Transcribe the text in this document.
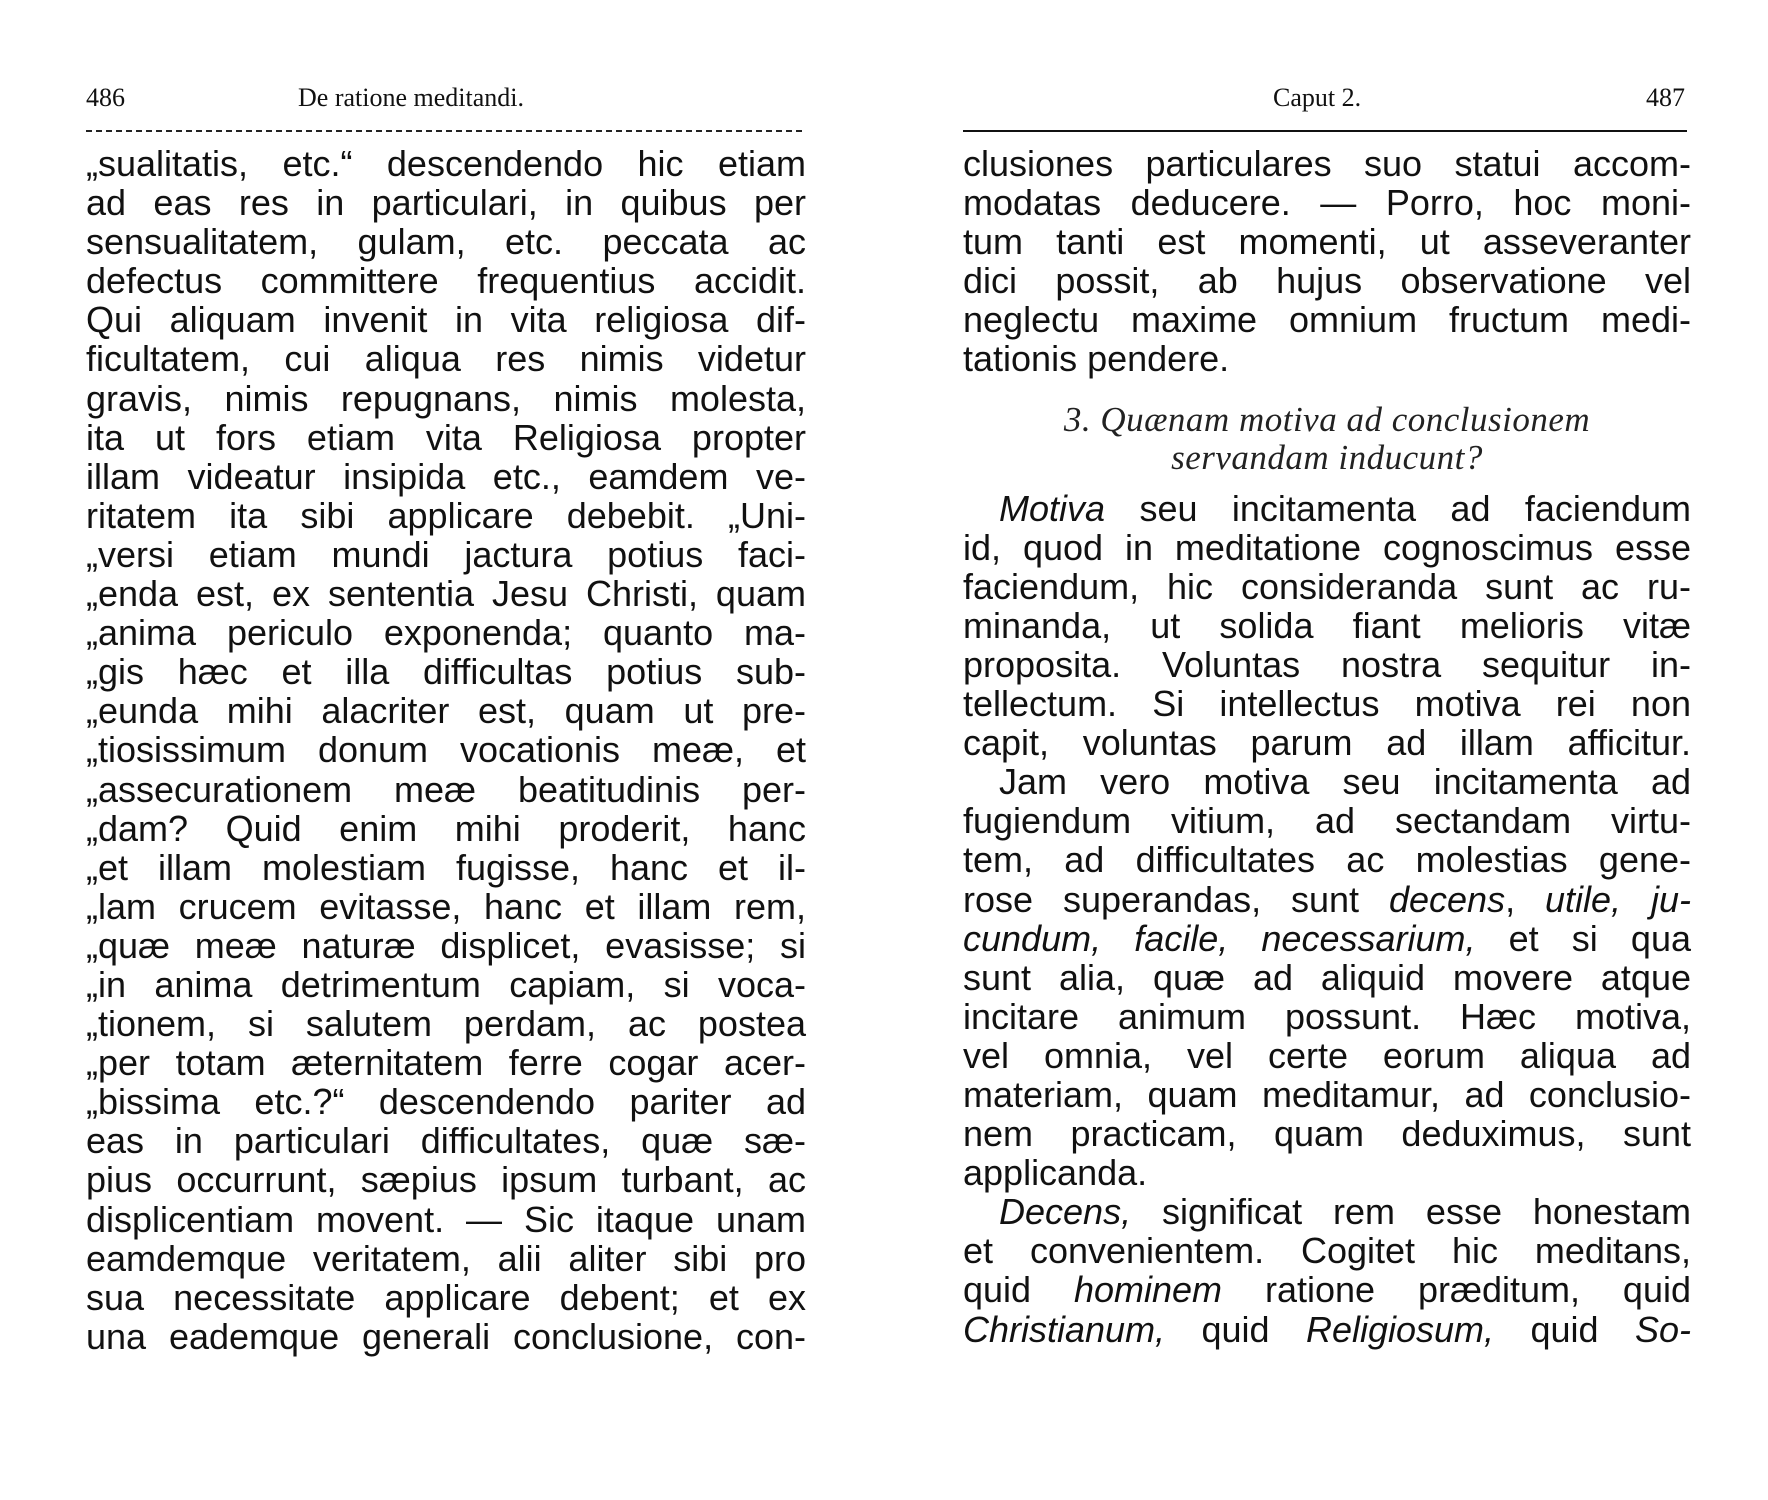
486	De ratione meditandi.
„sualitatis, etc.“ descendendo hic etiam
ad eas res in particulari, in quibus per
sensualitatem, gulam, etc. peccata ac
defectus committere frequentius accidit.
Qui aliquam invenit in vita religiosa dif-
ficultatem, cui aliqua res nimis videtur
gravis, nimis repugnans, nimis molesta,
ita ut fors etiam vita Religiosa propter
illam videatur insipida etc., eamdem ve-
ritatem ita sibi applicare debebit. „Uni-
„versi etiam mundi jactura potius faci-
„enda est, ex sententia Jesu Christi, quam
„anima periculo exponenda; quanto ma-
„gis hæc et illa difficultas potius sub-
„eunda mihi alacriter est, quam ut pre-
„tiosissimum donum vocationis meæ, et
„assecurationem meæ beatitudinis per-
„dam? Quid enim mihi proderit, hanc
„et illam molestiam fugisse, hanc et il-
„lam crucem evitasse, hanc et illam rem,
„quæ meæ naturæ displicet, evasisse; si
„in anima detrimentum capiam, si voca-
„tionem, si salutem perdam, ac postea
„per totam æternitatem ferre cogar acer-
„bissima etc.?“ descendendo pariter ad
eas in particulari difficultates, quæ sæ-
pius occurrunt, sæpius ipsum turbant, ac
displicentiam movent. — Sic itaque unam
eamdemque veritatem, alii aliter sibi pro
sua necessitate applicare debent; et ex
una eademque generali conclusione, con-
Caput 2.	487
clusiones particulares suo statui accom-
modatas deducere. — Porro, hoc moni-
tum tanti est momenti, ut asseveranter
dici possit, ab hujus observatione vel
neglectu maxime omnium fructum medi-
tationis pendere.
3. Quænam motiva ad conclusionem
servandam inducunt?
Motiva seu incitamenta ad faciendum
id, quod in meditatione cognoscimus esse
faciendum, hic consideranda sunt ac ru-
minanda, ut solida fiant melioris vitæ
proposita. Voluntas nostra sequitur in-
tellectum. Si intellectus motiva rei non
capit, voluntas parum ad illam afficitur.
Jam vero motiva seu incitamenta ad
fugiendum vitium, ad sectandam virtu-
tem, ad difficultates ac molestias gene-
rose superandas, sunt decens, utile, ju-
cundum, facile, necessarium, et si qua
sunt alia, quæ ad aliquid movere atque
incitare animum possunt. Hæc motiva,
vel omnia, vel certe eorum aliqua ad
materiam, quam meditamur, ad conclusio-
nem practicam, quam deduximus, sunt
applicanda.
Decens, significat rem esse honestam
et convenientem. Cogitet hic meditans,
quid hominem ratione præditum, quid
Christianum, quid Religiosum, quid So-
